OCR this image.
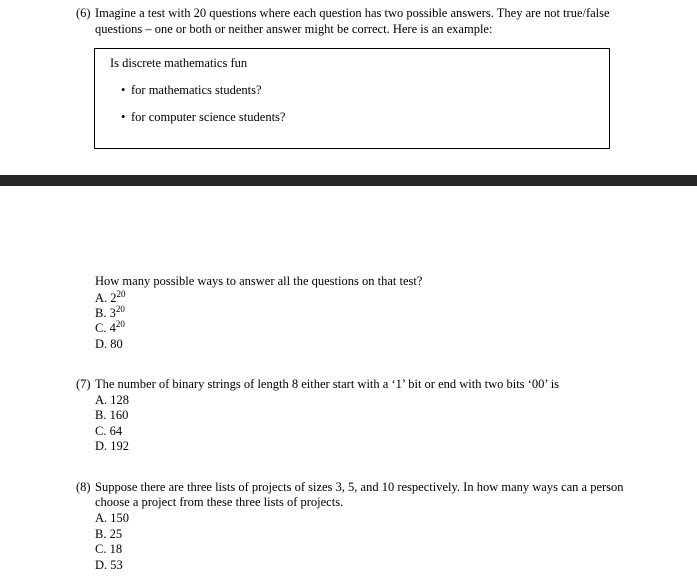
(6) Imagine a test with 20 questions where each question has two possible answers. They are not true/false
questions – one or both or neither answer might be correct. Here is an example:
Is discrete mathematics fun
• for mathematics students?
• for computer science students?
How many possible ways to answer all the questions on that test?
A. $2^{20}$
B. $3^{20}$
C. $4^{20}$
D. 80
(7) The number of binary strings of length 8 either start with a ‘1’ bit or end with two bits ‘00’ is
A. 128
B. 160
C. 64
D. 192
(8) Suppose there are three lists of projects of sizes 3, 5, and 10 respectively. In how many ways can a person
choose a project from these three lists of projects.
A. 150
B. 25
C. 18
D. 53
